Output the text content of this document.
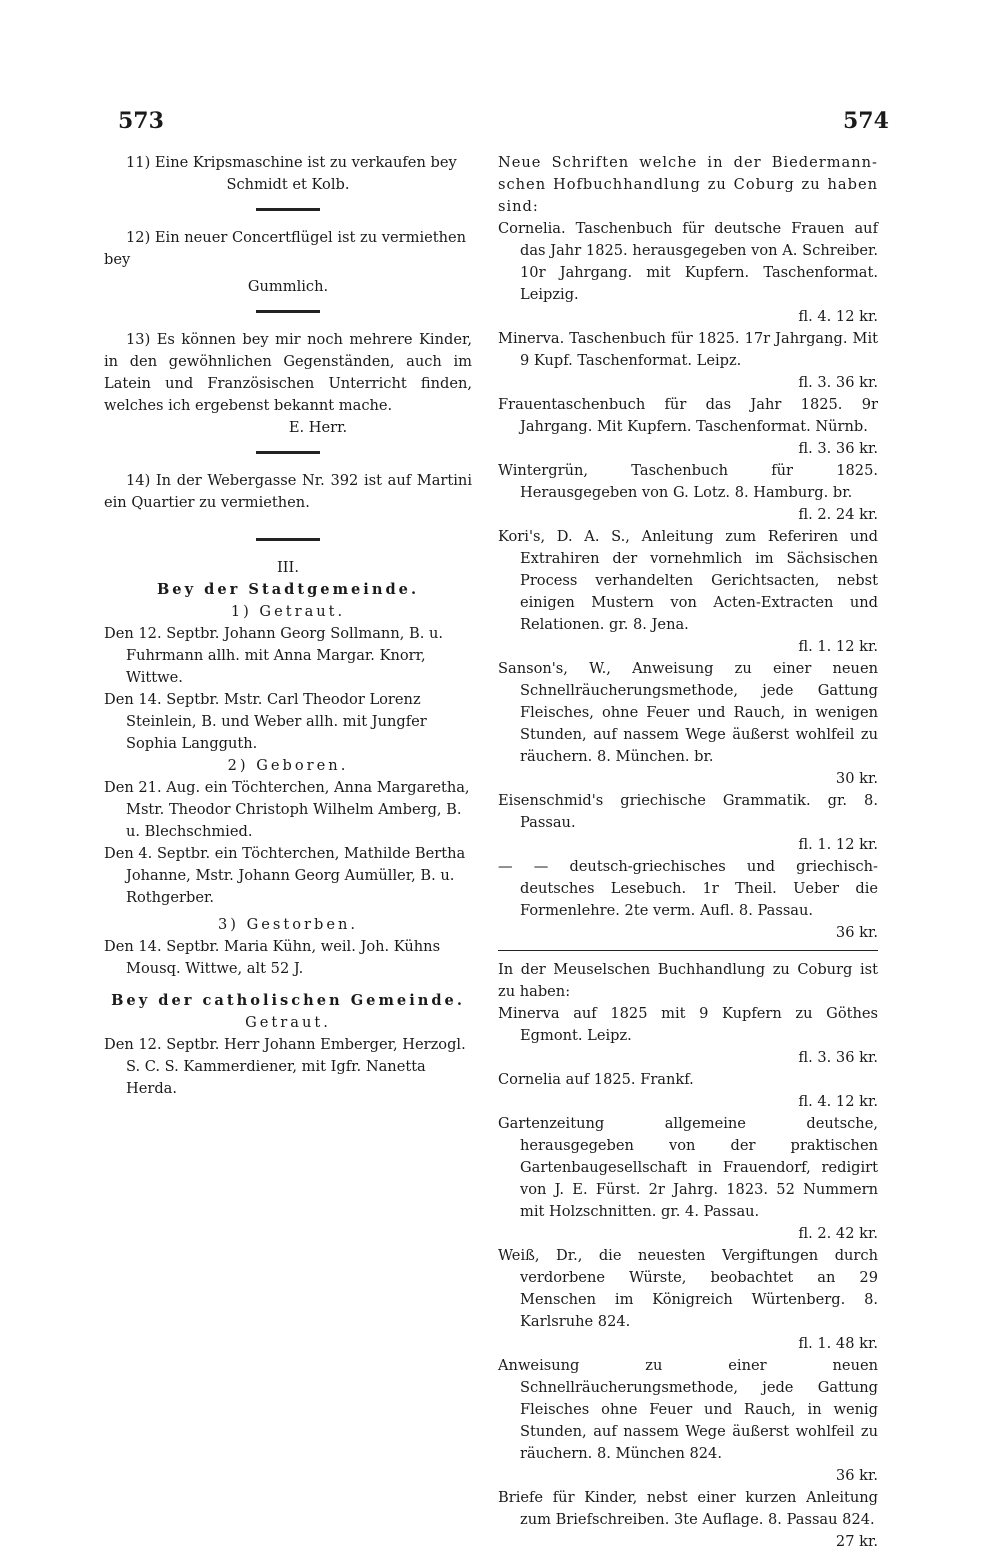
573	574

11) Eine Kripsmaschine ist zu verkaufen bey

Schmidt et Kolb.

12) Ein neuer Concertflügel ist zu vermiethen bey

Gummlich.

13) Es können bey mir noch mehrere Kinder, in den gewöhnlichen Gegenständen, auch im Latein und Französischen Unterricht finden, welches ich ergebenst bekannt mache.

E. Herr.

14) In der Webergasse Nr. 392 ist auf Martini ein Quartier zu vermiethen.

III.

Bey der Stadtgemeinde.

1) Getraut.

Den 12. Septbr. Johann Georg Sollmann, B. u. Fuhrmann allh. mit Anna Margar. Knorr, Wittwe.

Den 14. Septbr. Mstr. Carl Theodor Lorenz Steinlein, B. und Weber allh. mit Jungfer Sophia Langguth.

2) Geboren.

Den 21. Aug. ein Töchterchen, Anna Margaretha, Mstr. Theodor Christoph Wilhelm Amberg, B. u. Blechschmied.

Den 4. Septbr. ein Töchterchen, Mathilde Bertha Johanne, Mstr. Johann Georg Aumüller, B. u. Rothgerber.

3) Gestorben.

Den 14. Septbr. Maria Kühn, weil. Joh. Kühns Mousq. Wittwe, alt 52 J.

Bey der catholischen Gemeinde.

Getraut.

Den 12. Septbr. Herr Johann Emberger, Herzogl. S. C. S. Kammerdiener, mit Igfr. Nanetta Herda.

Neue Schriften welche in der Biedermann-schen Hofbuchhandlung zu Coburg zu haben sind:

Cornelia. Taschenbuch für deutsche Frauen auf das Jahr 1825. herausgegeben von A. Schreiber. 10r Jahrgang. mit Kupfern. Taschenformat. Leipzig.
fl. 4. 12 kr.

Minerva. Taschenbuch für 1825. 17r Jahrgang. Mit 9 Kupf. Taschenformat. Leipz.
fl. 3. 36 kr.

Frauentaschenbuch für das Jahr 1825. 9r Jahrgang. Mit Kupfern. Taschenformat. Nürnb.
fl. 3. 36 kr.

Wintergrün, Taschenbuch für 1825. Herausgegeben von G. Lotz. 8. Hamburg. br.
fl. 2. 24 kr.

Kori's, D. A. S., Anleitung zum Referiren und Extrahiren der vornehmlich im Sächsischen Process verhandelten Gerichtsacten, nebst einigen Mustern von Acten-Extracten und Relationen. gr. 8. Jena.
fl. 1. 12 kr.

Sanson's, W., Anweisung zu einer neuen Schnellräucherungsmethode, jede Gattung Fleisches, ohne Feuer und Rauch, in wenigen Stunden, auf nassem Wege äußerst wohlfeil zu räuchern. 8. München. br.
30 kr.

Eisenschmid's griechische Grammatik. gr. 8. Passau.
fl. 1. 12 kr.

— — deutsch-griechisches und griechisch-deutsches Lesebuch. 1r Theil. Ueber die Formenlehre. 2te verm. Aufl. 8. Passau.
36 kr.

In der Meuselschen Buchhandlung zu Coburg ist zu haben:

Minerva auf 1825 mit 9 Kupfern zu Göthes Egmont. Leipz.
fl. 3. 36 kr.

Cornelia auf 1825. Frankf.
fl. 4. 12 kr.

Gartenzeitung allgemeine deutsche, herausgegeben von der praktischen Gartenbaugesellschaft in Frauendorf, redigirt von J. E. Fürst. 2r Jahrg. 1823. 52 Nummern mit Holzschnitten. gr. 4. Passau.
fl. 2. 42 kr.

Weiß, Dr., die neuesten Vergiftungen durch verdorbene Würste, beobachtet an 29 Menschen im Königreich Würtenberg. 8. Karlsruhe 824.
fl. 1. 48 kr.

Anweisung zu einer neuen Schnellräucherungsmethode, jede Gattung Fleisches ohne Feuer und Rauch, in wenig Stunden, auf nassem Wege äußerst wohlfeil zu räuchern. 8. München 824.
36 kr.

Briefe für Kinder, nebst einer kurzen Anleitung zum Briefschreiben. 3te Auflage. 8. Passau 824.
27 kr.
